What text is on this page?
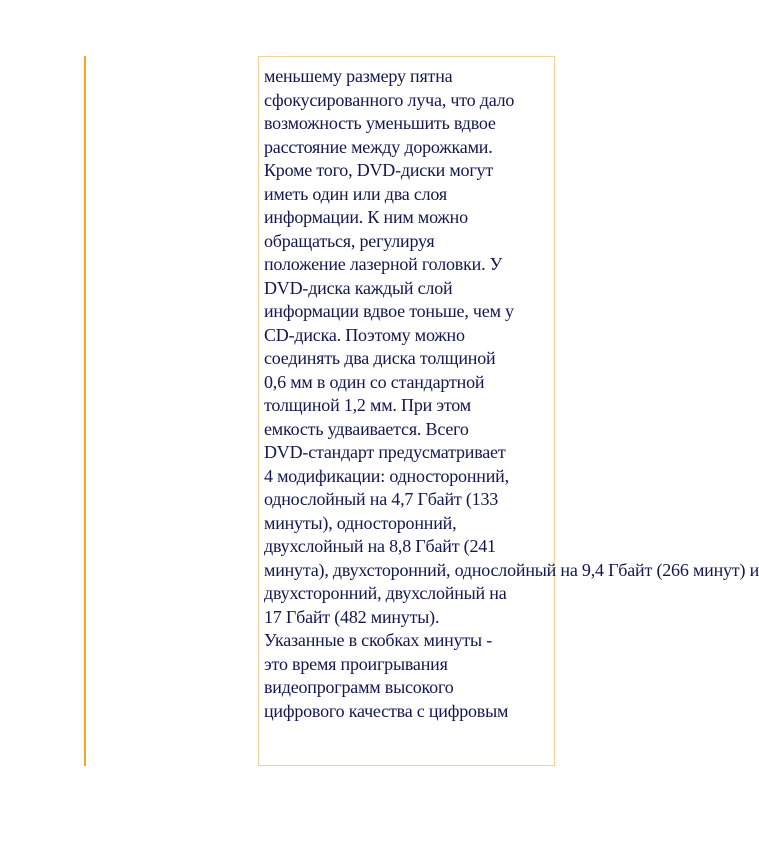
меньшему размеру пятна
сфокусированного луча, что дало
возможность уменьшить вдвое
расстояние между дорожками.
Кроме того, DVD-диски могут
иметь один или два слоя
информации. К ним можно
обращаться, регулируя
положение лазерной головки. У
DVD-диска каждый слой
информации вдвое тоньше, чем у
CD-диска. Поэтому можно
соединять два диска толщиной
0,6 мм в один со стандартной
толщиной 1,2 мм. При этом
емкость удваивается. Всего
DVD-стандарт предусматривает
4 модификации: односторонний,
однослойный на 4,7 Гбайт (133
минуты), односторонний,
двухслойный на 8,8 Гбайт (241
минута), двухсторонний, однослойный на 9,4 Гбайт (266 минут) и
двухсторонний, двухслойный на
17 Гбайт (482 минуты).
Указанные в скобках минуты -
это время проигрывания
видеопрограмм высокого
цифрового качества с цифровым
